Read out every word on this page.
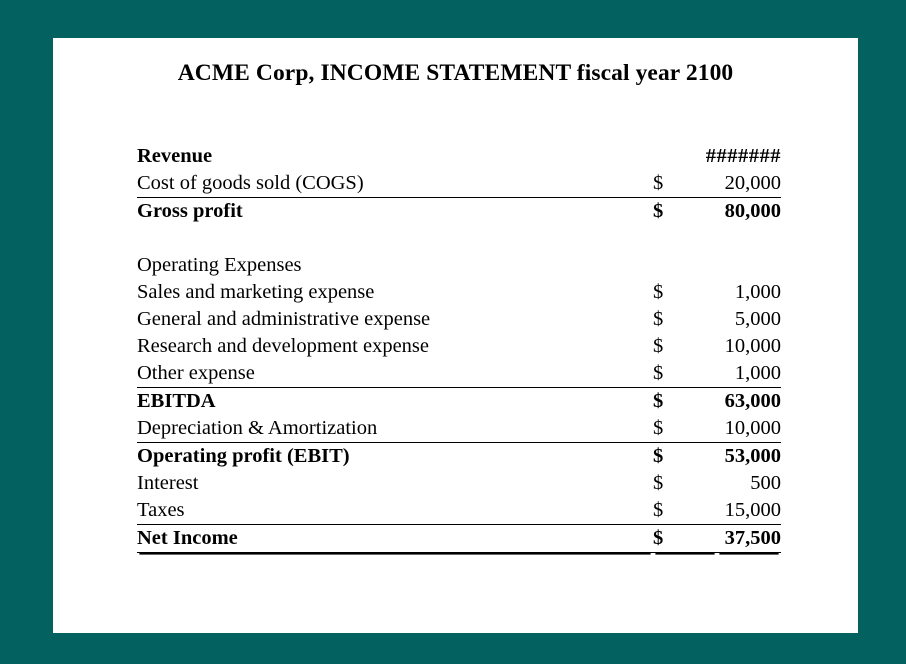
ACME Corp, INCOME STATEMENT fiscal year 2100
Revenue	#######	
Cost of goods sold (COGS)	$	20,000
Gross profit	$	80,000

Operating Expenses		
Sales and marketing expense	$	1,000
General and administrative expense	$	5,000
Research and development expense	$	10,000
Other expense	$	1,000
EBITDA	$	63,000
Depreciation & Amortization	$	10,000
Operating profit (EBIT)	$	53,000
Interest	$	500
Taxes	$	15,000
Net Income	$	37,500
